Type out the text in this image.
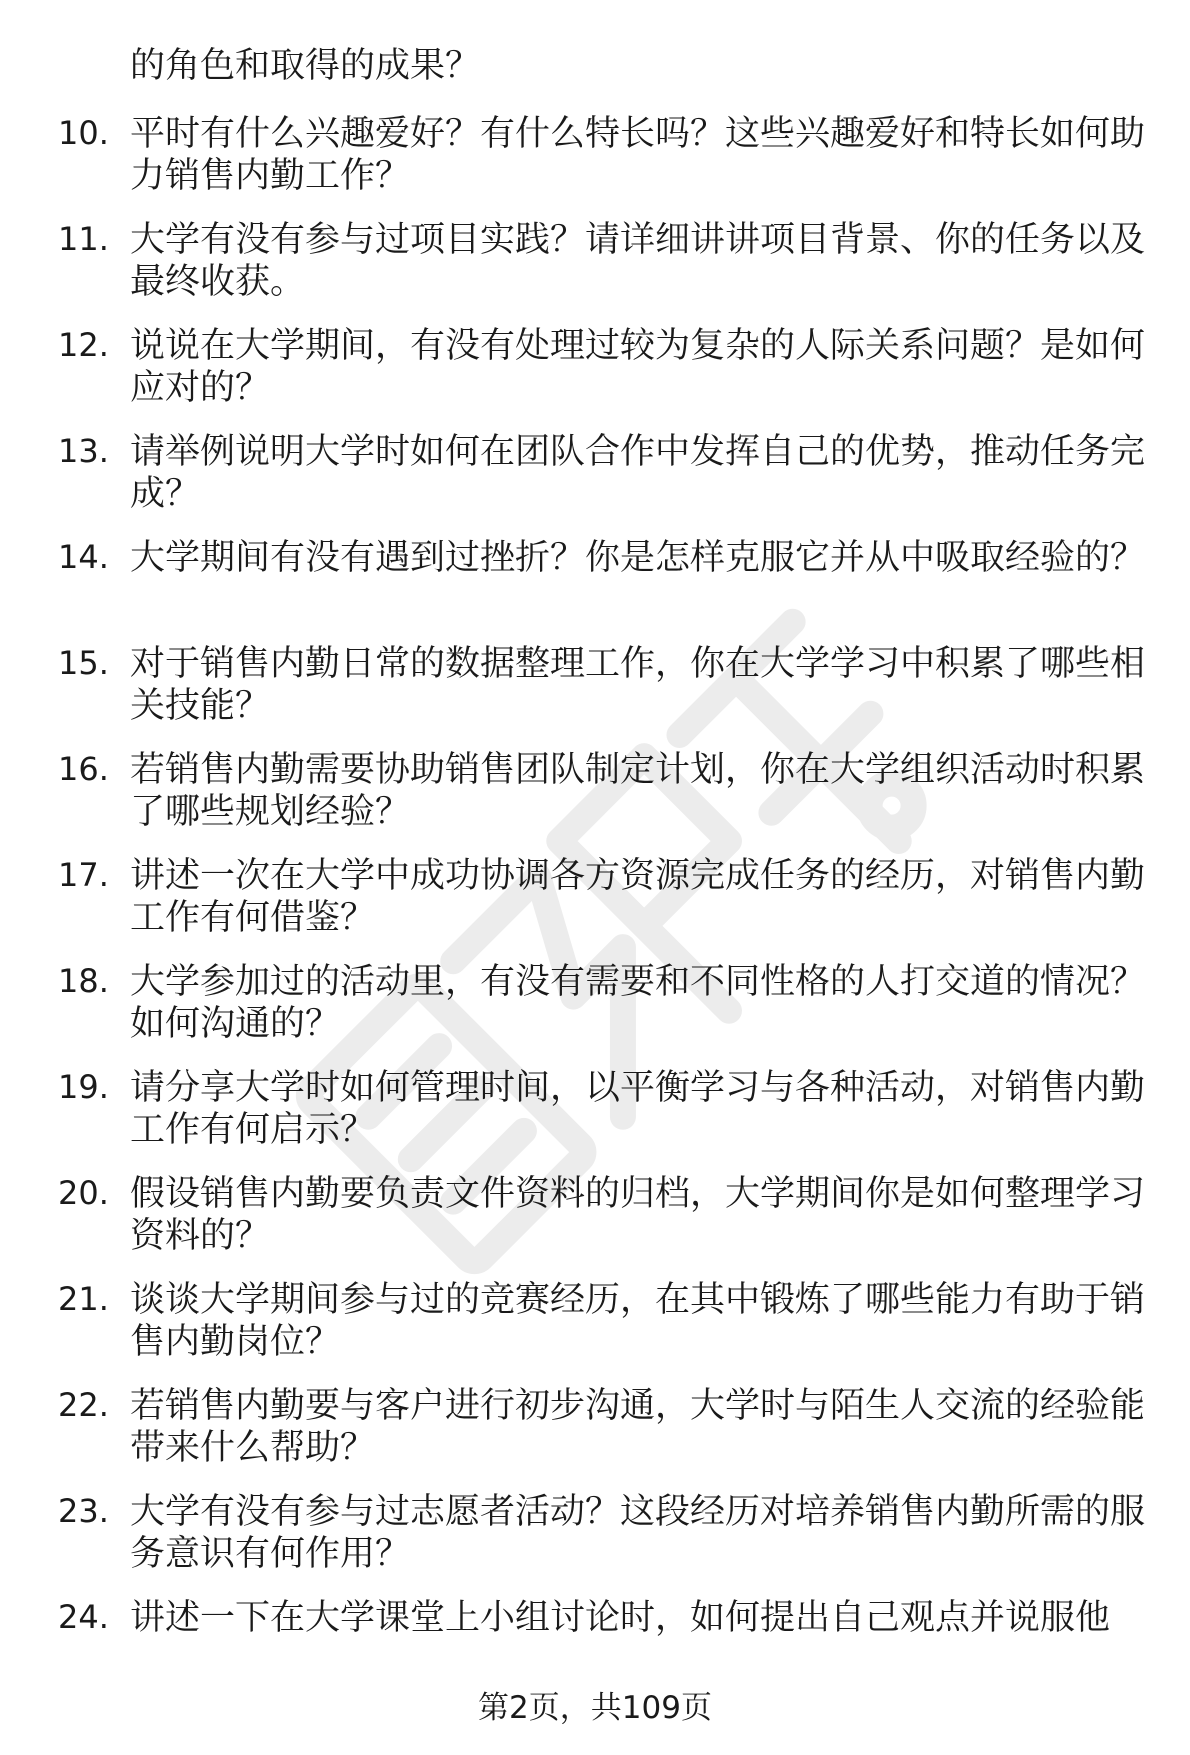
的角色和取得的成果？

10. 平时有什么兴趣爱好？有什么特长吗？这些兴趣爱好和特长如何助力销售内勤工作？

11. 大学有没有参与过项目实践？请详细讲讲项目背景、你的任务以及最终收获。

12. 说说在大学期间，有没有处理过较为复杂的人际关系问题？是如何应对的？

13. 请举例说明大学时如何在团队合作中发挥自己的优势，推动任务完成？

14. 大学期间有没有遇到过挫折？你是怎样克服它并从中吸取经验的？

15. 对于销售内勤日常的数据整理工作，你在大学学习中积累了哪些相关技能？

16. 若销售内勤需要协助销售团队制定计划，你在大学组织活动时积累了哪些规划经验？

17. 讲述一次在大学中成功协调各方资源完成任务的经历，对销售内勤工作有何借鉴？

18. 大学参加过的活动里，有没有需要和不同性格的人打交道的情况？如何沟通的？

19. 请分享大学时如何管理时间，以平衡学习与各种活动，对销售内勤工作有何启示？

20. 假设销售内勤要负责文件资料的归档，大学期间你是如何整理学习资料的？

21. 谈谈大学期间参与过的竞赛经历，在其中锻炼了哪些能力有助于销售内勤岗位？

22. 若销售内勤要与客户进行初步沟通，大学时与陌生人交流的经验能带来什么帮助？

23. 大学有没有参与过志愿者活动？这段经历对培养销售内勤所需的服务意识有何作用？

24. 讲述一下在大学课堂上小组讨论时，如何提出自己观点并说服他

第2页，共109页
